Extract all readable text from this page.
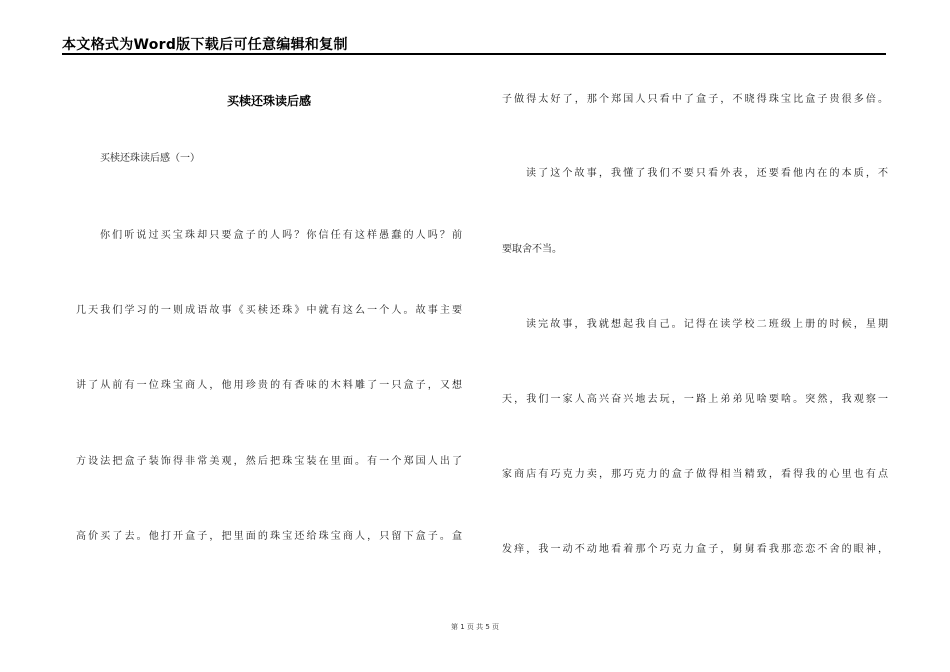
本文格式为Word版下载后可任意编辑和复制
买椟还珠读后感
买椟还珠读后感（一）
你们听说过买宝珠却只要盒子的人吗？你信任有这样愚蠢的人吗？前
几天我们学习的一则成语故事《买椟还珠》中就有这么一个人。故事主要
讲了从前有一位珠宝商人，他用珍贵的有香味的木料雕了一只盒子，又想
方设法把盒子装饰得非常美观，然后把珠宝装在里面。有一个郑国人出了
高价买了去。他打开盒子，把里面的珠宝还给珠宝商人，只留下盒子。盒
子做得太好了，那个郑国人只看中了盒子，不晓得珠宝比盒子贵很多倍。
读了这个故事，我懂了我们不要只看外表，还要看他内在的本质，不
要取舍不当。
读完故事，我就想起我自己。记得在读学校二班级上册的时候，星期
天，我们一家人高兴奋兴地去玩，一路上弟弟见啥要啥。突然，我观察一
家商店有巧克力卖，那巧克力的盒子做得相当精致，看得我的心里也有点
发痒，我一动不动地看着那个巧克力盒子，舅舅看我那恋恋不舍的眼神，
第 1 页 共 5 页
